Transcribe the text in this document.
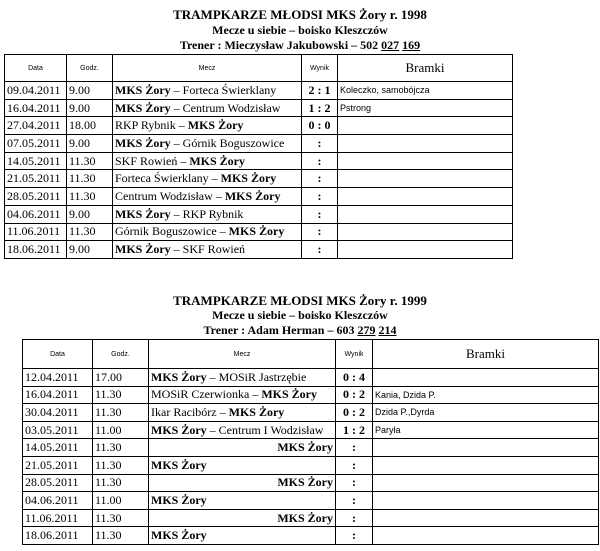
TRAMPKARZE MŁODSI MKS Żory r. 1998
Mecze u siebie – boisko Kleszczów
Trener : Mieczysław Jakubowski – 502 027 169
Data	Godz.	Mecz	Wynik	Bramki
09.04.2011	9.00	MKS Żory – Forteca Świerklany	2 : 1	Koleczko, samobójcza
16.04.2011	9.00	MKS Żory – Centrum Wodzisław	1 : 2	Pstrong
27.04.2011	18.00	RKP Rybnik – MKS Żory	0 : 0	
07.05.2011	9.00	MKS Żory – Górnik Boguszowice	:	
14.05.2011	11.30	SKF Rowień – MKS Żory	:	
21.05.2011	11.30	Forteca Świerklany – MKS Żory	:	
28.05.2011	11.30	Centrum Wodzisław – MKS Żory	:	
04.06.2011	9.00	MKS Żory – RKP Rybnik	:	
11.06.2011	11.30	Górnik Boguszowice – MKS Żory	:	
18.06.2011	9.00	MKS Żory – SKF Rowień	:	
TRAMPKARZE MŁODSI MKS Żory r. 1999
Mecze u siebie – boisko Kleszczów
Trener : Adam Herman – 603 279 214
Data	Godz.	Mecz	Wynik	Bramki
12.04.2011	17.00	MKS Żory – MOSiR Jastrzębie	0 : 4	
16.04.2011	11.30	MOSiR Czerwionka – MKS Żory	0 : 2	Kania, Dzida P.
30.04.2011	11.30	Ikar Racibórz – MKS Żory	0 : 2	Dzida P.,Dyrda
03.05.2011	11.00	MKS Żory – Centrum I Wodzisław	1 : 2	Paryła
14.05.2011	11.30	MKS Żory	:	
21.05.2011	11.30	MKS Żory	:	
28.05.2011	11.30	MKS Żory	:	
04.06.2011	11.00	MKS Żory	:	
11.06.2011	11.30	MKS Żory	:	
18.06.2011	11.30	MKS Żory	:	
